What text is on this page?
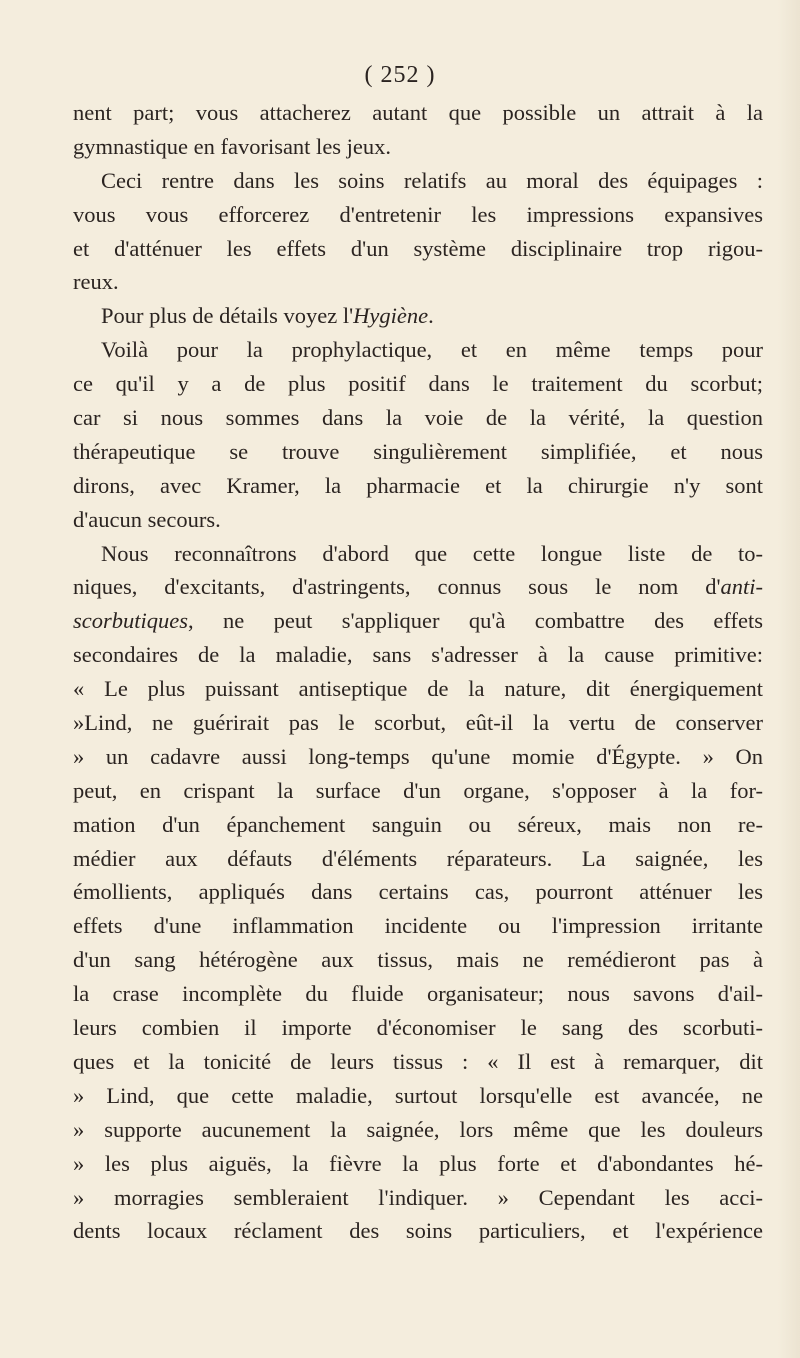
( 252 )
nent part; vous attacherez autant que possible un attrait à la
gymnastique en favorisant les jeux.
Ceci rentre dans les soins relatifs au moral des équipages :
vous vous efforcerez d'entretenir les impressions expansives
et d'atténuer les effets d'un système disciplinaire trop rigou-
reux.
Pour plus de détails voyez l'Hygiène.
Voilà pour la prophylactique, et en même temps pour
ce qu'il y a de plus positif dans le traitement du scorbut;
car si nous sommes dans la voie de la vérité, la question
thérapeutique se trouve singulièrement simplifiée, et nous
dirons, avec Kramer, la pharmacie et la chirurgie n'y sont
d'aucun secours.
Nous reconnaîtrons d'abord que cette longue liste de to-
niques, d'excitants, d'astringents, connus sous le nom d'anti-
scorbutiques, ne peut s'appliquer qu'à combattre des effets
secondaires de la maladie, sans s'adresser à la cause primitive:
« Le plus puissant antiseptique de la nature, dit énergiquement
»Lind, ne guérirait pas le scorbut, eût-il la vertu de conserver
» un cadavre aussi long-temps qu'une momie d'Égypte. » On
peut, en crispant la surface d'un organe, s'opposer à la for-
mation d'un épanchement sanguin ou séreux, mais non re-
médier aux défauts d'éléments réparateurs. La saignée, les
émollients, appliqués dans certains cas, pourront atténuer les
effets d'une inflammation incidente ou l'impression irritante
d'un sang hétérogène aux tissus, mais ne remédieront pas à
la crase incomplète du fluide organisateur; nous savons d'ail-
leurs combien il importe d'économiser le sang des scorbuti-
ques et la tonicité de leurs tissus : « Il est à remarquer, dit
» Lind, que cette maladie, surtout lorsqu'elle est avancée, ne
» supporte aucunement la saignée, lors même que les douleurs
» les plus aiguës, la fièvre la plus forte et d'abondantes hé-
» morragies sembleraient l'indiquer. » Cependant les acci-
dents locaux réclament des soins particuliers, et l'expérience
